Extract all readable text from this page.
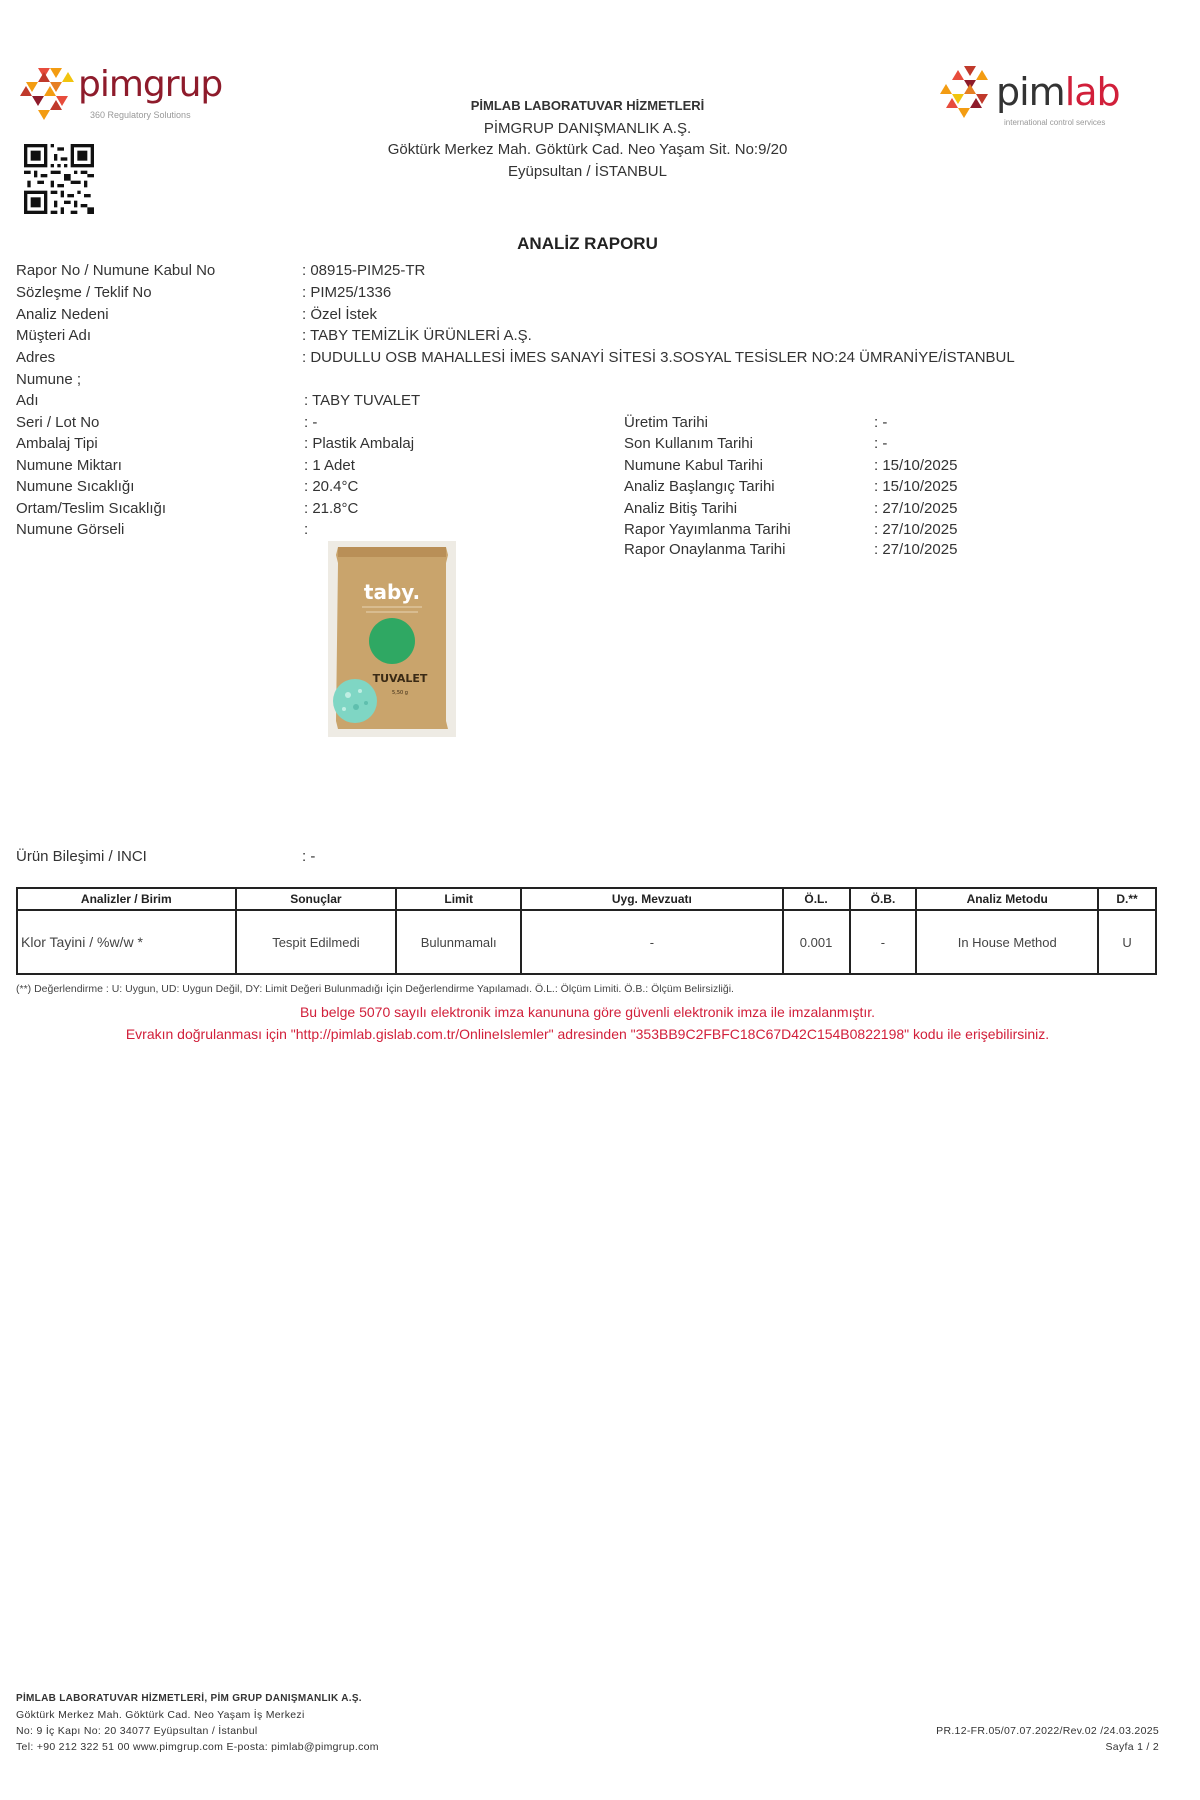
pimgrup
360 Regulatory Solutions
PİMLAB LABORATUVAR HİZMETLERİ
PİMGRUP DANIŞMANLIK A.Ş.
Göktürk Merkez Mah. Göktürk Cad. Neo Yaşam Sit. No:9/20
Eyüpsultan / İSTANBUL
pimlab
international control services
ANALİZ RAPORU
Rapor No / Numune Kabul No	: 08915-PIM25-TR
Sözleşme / Teklif No	: PIM25/1336
Analiz Nedeni	: Özel İstek
Müşteri Adı	: TABY TEMİZLİK ÜRÜNLERİ A.Ş.
Adres	: DUDULLU OSB MAHALLESİ İMES SANAYİ SİTESİ 3.SOSYAL TESİSLER NO:24 ÜMRANİYE/İSTANBUL
Numune ;
Adı	: TABY TUVALET
Seri / Lot No	: -
Ambalaj Tipi	: Plastik Ambalaj
Numune Miktarı	: 1 Adet
Numune Sıcaklığı	: 20.4°C
Ortam/Teslim Sıcaklığı	: 21.8°C
Numune Görseli	:
Üretim Tarihi	: -
Son Kullanım Tarihi	: -
Numune Kabul Tarihi	: 15/10/2025
Analiz Başlangıç Tarihi	: 15/10/2025
Analiz Bitiş Tarihi	: 27/10/2025
Rapor Yayımlanma Tarihi	: 27/10/2025
Rapor Onaylanma Tarihi	: 27/10/2025
taby.
TUVALET
5,50 g
Ürün Bileşimi / INCI	: -
Analizler / Birim	Sonuçlar	Limit	Uyg. Mevzuatı	Ö.L.	Ö.B.	Analiz Metodu	D.**
Klor Tayini / %w/w *	Tespit Edilmedi	Bulunmamalı	-	0.001	-	In House Method	U
(**) Değerlendirme : U: Uygun, UD: Uygun Değil, DY: Limit Değeri Bulunmadığı İçin Değerlendirme Yapılamadı. Ö.L.: Ölçüm Limiti. Ö.B.: Ölçüm Belirsizliği.
Bu belge 5070 sayılı elektronik imza kanununa göre güvenli elektronik imza ile imzalanmıştır.
Evrakın doğrulanması için "http://pimlab.gislab.com.tr/OnlineIslemler" adresinden "353BB9C2FBFC18C67D42C154B0822198" kodu ile erişebilirsiniz.
PİMLAB LABORATUVAR HİZMETLERİ, PİM GRUP DANIŞMANLIK A.Ş.
Göktürk Merkez Mah. Göktürk Cad. Neo Yaşam İş Merkezi
No: 9 İç Kapı No: 20 34077 Eyüpsultan / İstanbul
Tel: +90 212 322 51 00 www.pimgrup.com E-posta: pimlab@pimgrup.com
PR.12-FR.05/07.07.2022/Rev.02 /24.03.2025
Sayfa 1 / 2
